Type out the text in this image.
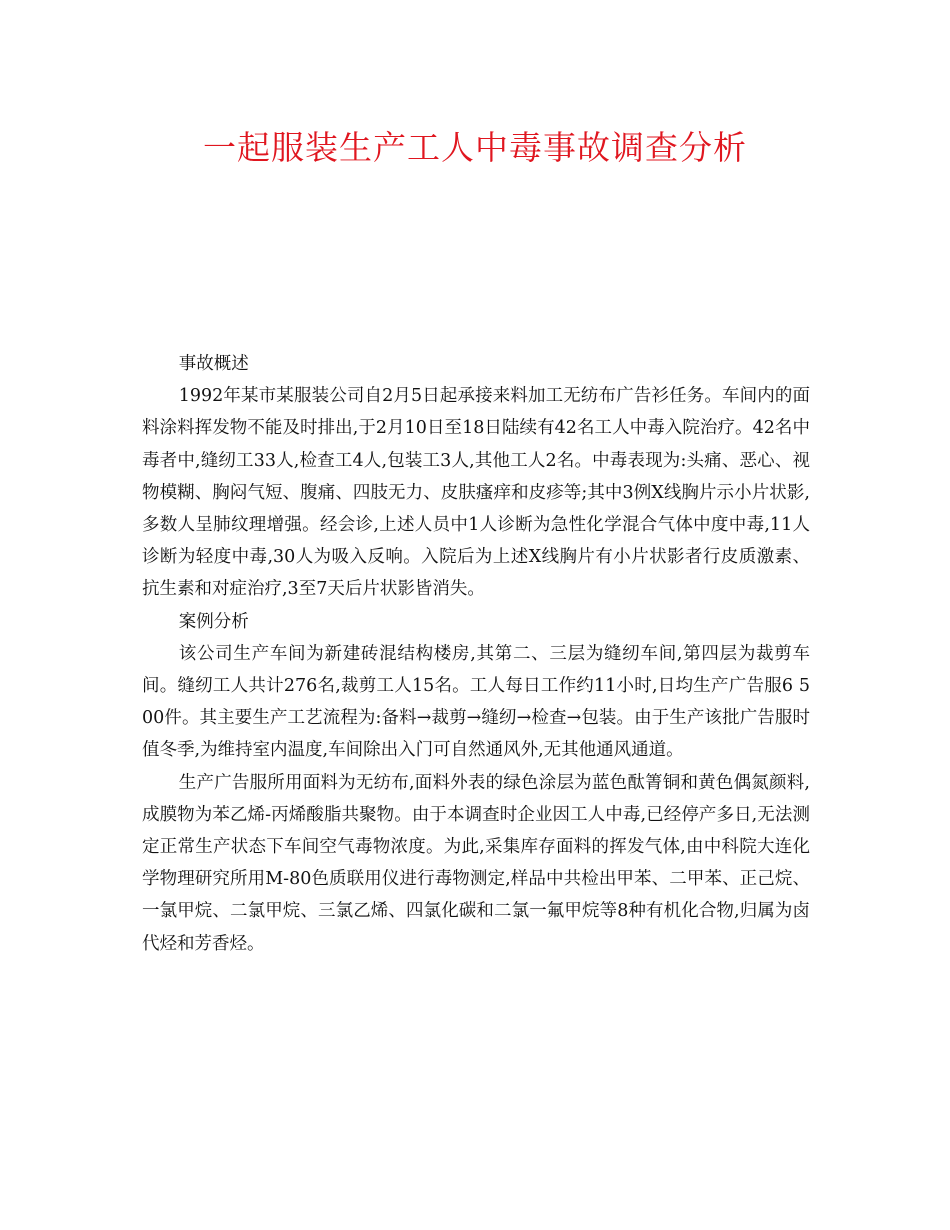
一起服装生产工人中毒事故调查分析

事故概述

1992年某市某服装公司自2月5日起承接来料加工无纺布广告衫任务。车间内的面料涂料挥发物不能及时排出,于2月10日至18日陆续有42名工人中毒入院治疗。42名中毒者中,缝纫工33人,检查工4人,包装工3人,其他工人2名。中毒表现为:头痛、恶心、视物模糊、胸闷气短、腹痛、四肢无力、皮肤瘙痒和皮疹等;其中3例X线胸片示小片状影,多数人呈肺纹理增强。经会诊,上述人员中1人诊断为急性化学混合气体中度中毒,11人诊断为轻度中毒,30人为吸入反响。入院后为上述X线胸片有小片状影者行皮质激素、抗生素和对症治疗,3至7天后片状影皆消失。

案例分析

该公司生产车间为新建砖混结构楼房,其第二、三层为缝纫车间,第四层为裁剪车间。缝纫工人共计276名,裁剪工人15名。工人每日工作约11小时,日均生产广告服6 500件。其主要生产工艺流程为:备料→裁剪→缝纫→检查→包装。由于生产该批广告服时值冬季,为维持室内温度,车间除出入门可自然通风外,无其他通风通道。

生产广告服所用面料为无纺布,面料外表的绿色涂层为蓝色酞箐铜和黄色偶氮颜料,成膜物为苯乙烯-丙烯酸脂共聚物。由于本调查时企业因工人中毒,已经停产多日,无法测定正常生产状态下车间空气毒物浓度。为此,采集库存面料的挥发气体,由中科院大连化学物理研究所用M-80色质联用仪进行毒物测定,样品中共检出甲苯、二甲苯、正己烷、一氯甲烷、二氯甲烷、三氯乙烯、四氯化碳和二氯一氟甲烷等8种有机化合物,归属为卤代烃和芳香烃。
